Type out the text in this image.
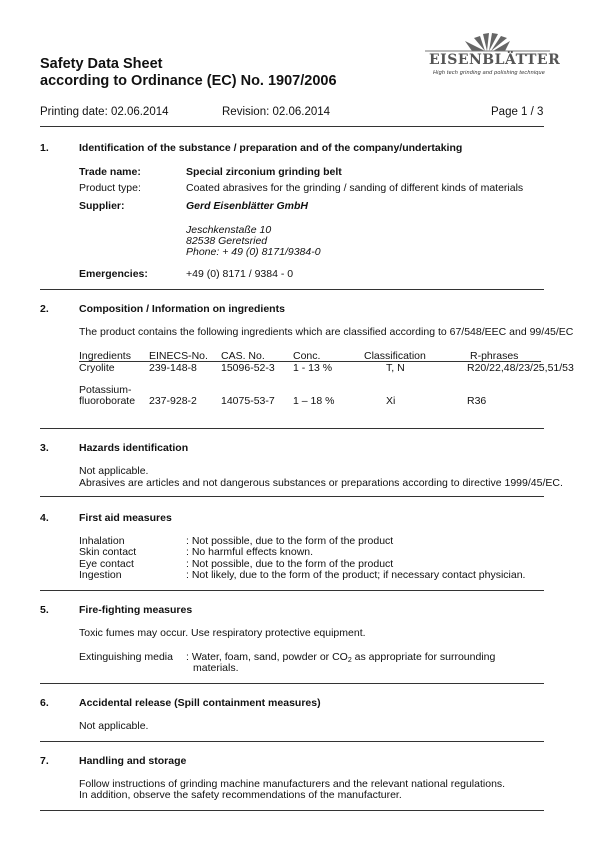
Safety Data Sheet
according to Ordinance (EC) No. 1907/2006
EISENBLÄTTER
High tech grinding and polishing technique
Printing date: 02.06.2014	Revision: 02.06.2014	Page 1 / 3
1.	Identification of the substance / preparation and of the company/undertaking
Trade name:	Special zirconium grinding belt
Product type:	Coated abrasives for the grinding / sanding of different kinds of materials
Supplier:	Gerd Eisenblätter GmbH
Jeschkenstaße 10
82538 Geretsried
Phone: + 49 (0) 8171/9384-0
Emergencies:	+49 (0) 8171 / 9384 - 0
2.	Composition / Information on ingredients
The product contains the following ingredients which are classified according to 67/548/EEC and 99/45/EC
Ingredients EINECS-No. CAS. No.	Conc.	Classification	R-phrases
Cryolite	239-148-8 15096-52-3 1 - 13 %	T, N	R20/22,48/23/25,51/53
Potassium-
fluoroborate 237-928-2 14075-53-7 1 – 18 %	Xi	R36
3.	Hazards identification
Not applicable.
Abrasives are articles and not dangerous substances or preparations according to directive 1999/45/EC.
4.	First aid measures
Inhalation	: Not possible, due to the form of the product
Skin contact	: No harmful effects known.
Eye contact	: Not possible, due to the form of the product
Ingestion	: Not likely, due to the form of the product; if necessary contact physician.
5.	Fire-fighting measures
Toxic fumes may occur. Use respiratory protective equipment.
Extinguishing media : Water, foam, sand, powder or CO2 as appropriate for surrounding
materials.
6.	Accidental release (Spill containment measures)
Not applicable.
7.	Handling and storage
Follow instructions of grinding machine manufacturers and the relevant national regulations.
In addition, observe the safety recommendations of the manufacturer.
